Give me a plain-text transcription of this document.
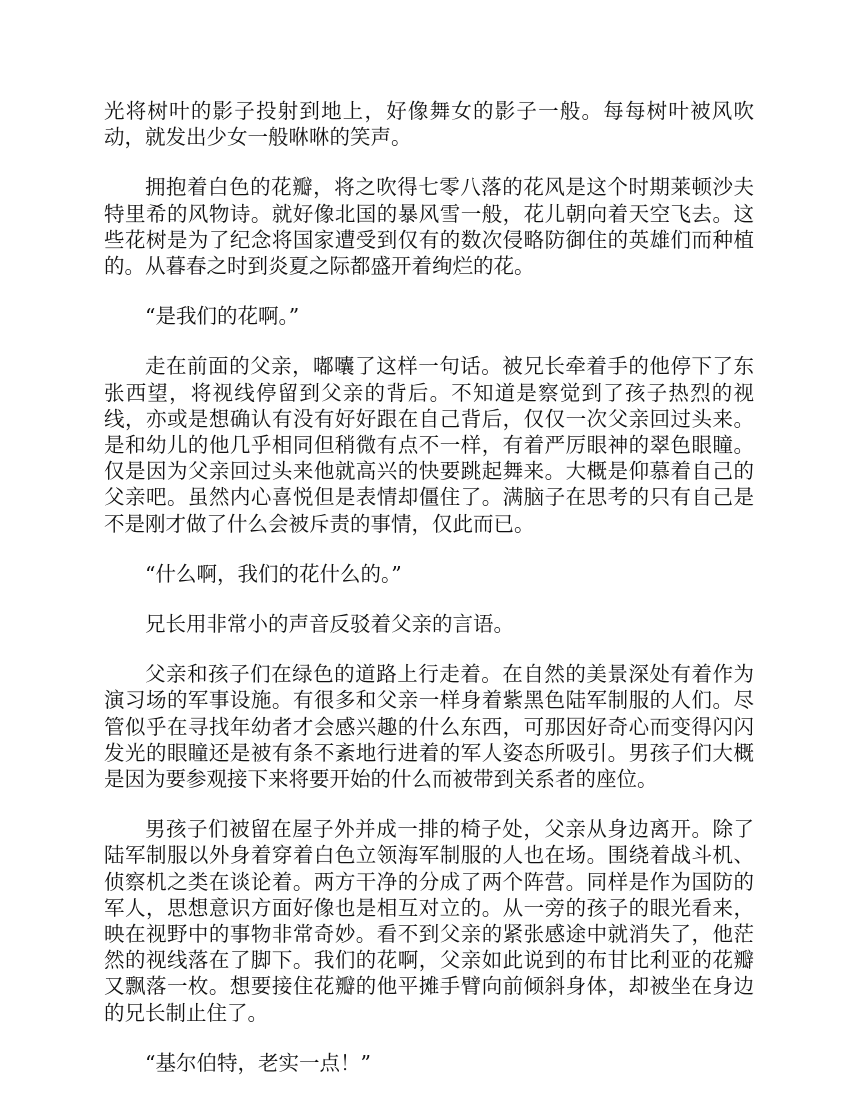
光将树叶的影子投射到地上，好像舞女的影子一般。每每树叶被风吹动，就发出少女一般咻咻的笑声。

拥抱着白色的花瓣，将之吹得七零八落的花风是这个时期莱顿沙夫特里希的风物诗。就好像北国的暴风雪一般，花儿朝向着天空飞去。这些花树是为了纪念将国家遭受到仅有的数次侵略防御住的英雄们而种植的。从暮春之时到炎夏之际都盛开着绚烂的花。

“是我们的花啊。”

走在前面的父亲，嘟囔了这样一句话。被兄长牵着手的他停下了东张西望，将视线停留到父亲的背后。不知道是察觉到了孩子热烈的视线，亦或是想确认有没有好好跟在自己背后，仅仅一次父亲回过头来。是和幼儿的他几乎相同但稍微有点不一样，有着严厉眼神的翠色眼瞳。仅是因为父亲回过头来他就高兴的快要跳起舞来。大概是仰慕着自己的父亲吧。虽然内心喜悦但是表情却僵住了。满脑子在思考的只有自己是不是刚才做了什么会被斥责的事情，仅此而已。

“什么啊，我们的花什么的。”

兄长用非常小的声音反驳着父亲的言语。

父亲和孩子们在绿色的道路上行走着。在自然的美景深处有着作为演习场的军事设施。有很多和父亲一样身着紫黑色陆军制服的人们。尽管似乎在寻找年幼者才会感兴趣的什么东西，可那因好奇心而变得闪闪发光的眼瞳还是被有条不紊地行进着的军人姿态所吸引。男孩子们大概是因为要参观接下来将要开始的什么而被带到关系者的座位。

男孩子们被留在屋子外并成一排的椅子处，父亲从身边离开。除了陆军制服以外身着穿着白色立领海军制服的人也在场。围绕着战斗机、侦察机之类在谈论着。两方干净的分成了两个阵营。同样是作为国防的军人，思想意识方面好像也是相互对立的。从一旁的孩子的眼光看来，映在视野中的事物非常奇妙。看不到父亲的紧张感途中就消失了，他茫然的视线落在了脚下。我们的花啊，父亲如此说到的布甘比利亚的花瓣又飘落一枚。想要接住花瓣的他平摊手臂向前倾斜身体，却被坐在身边的兄长制止住了。

“基尔伯特，老实一点！”
